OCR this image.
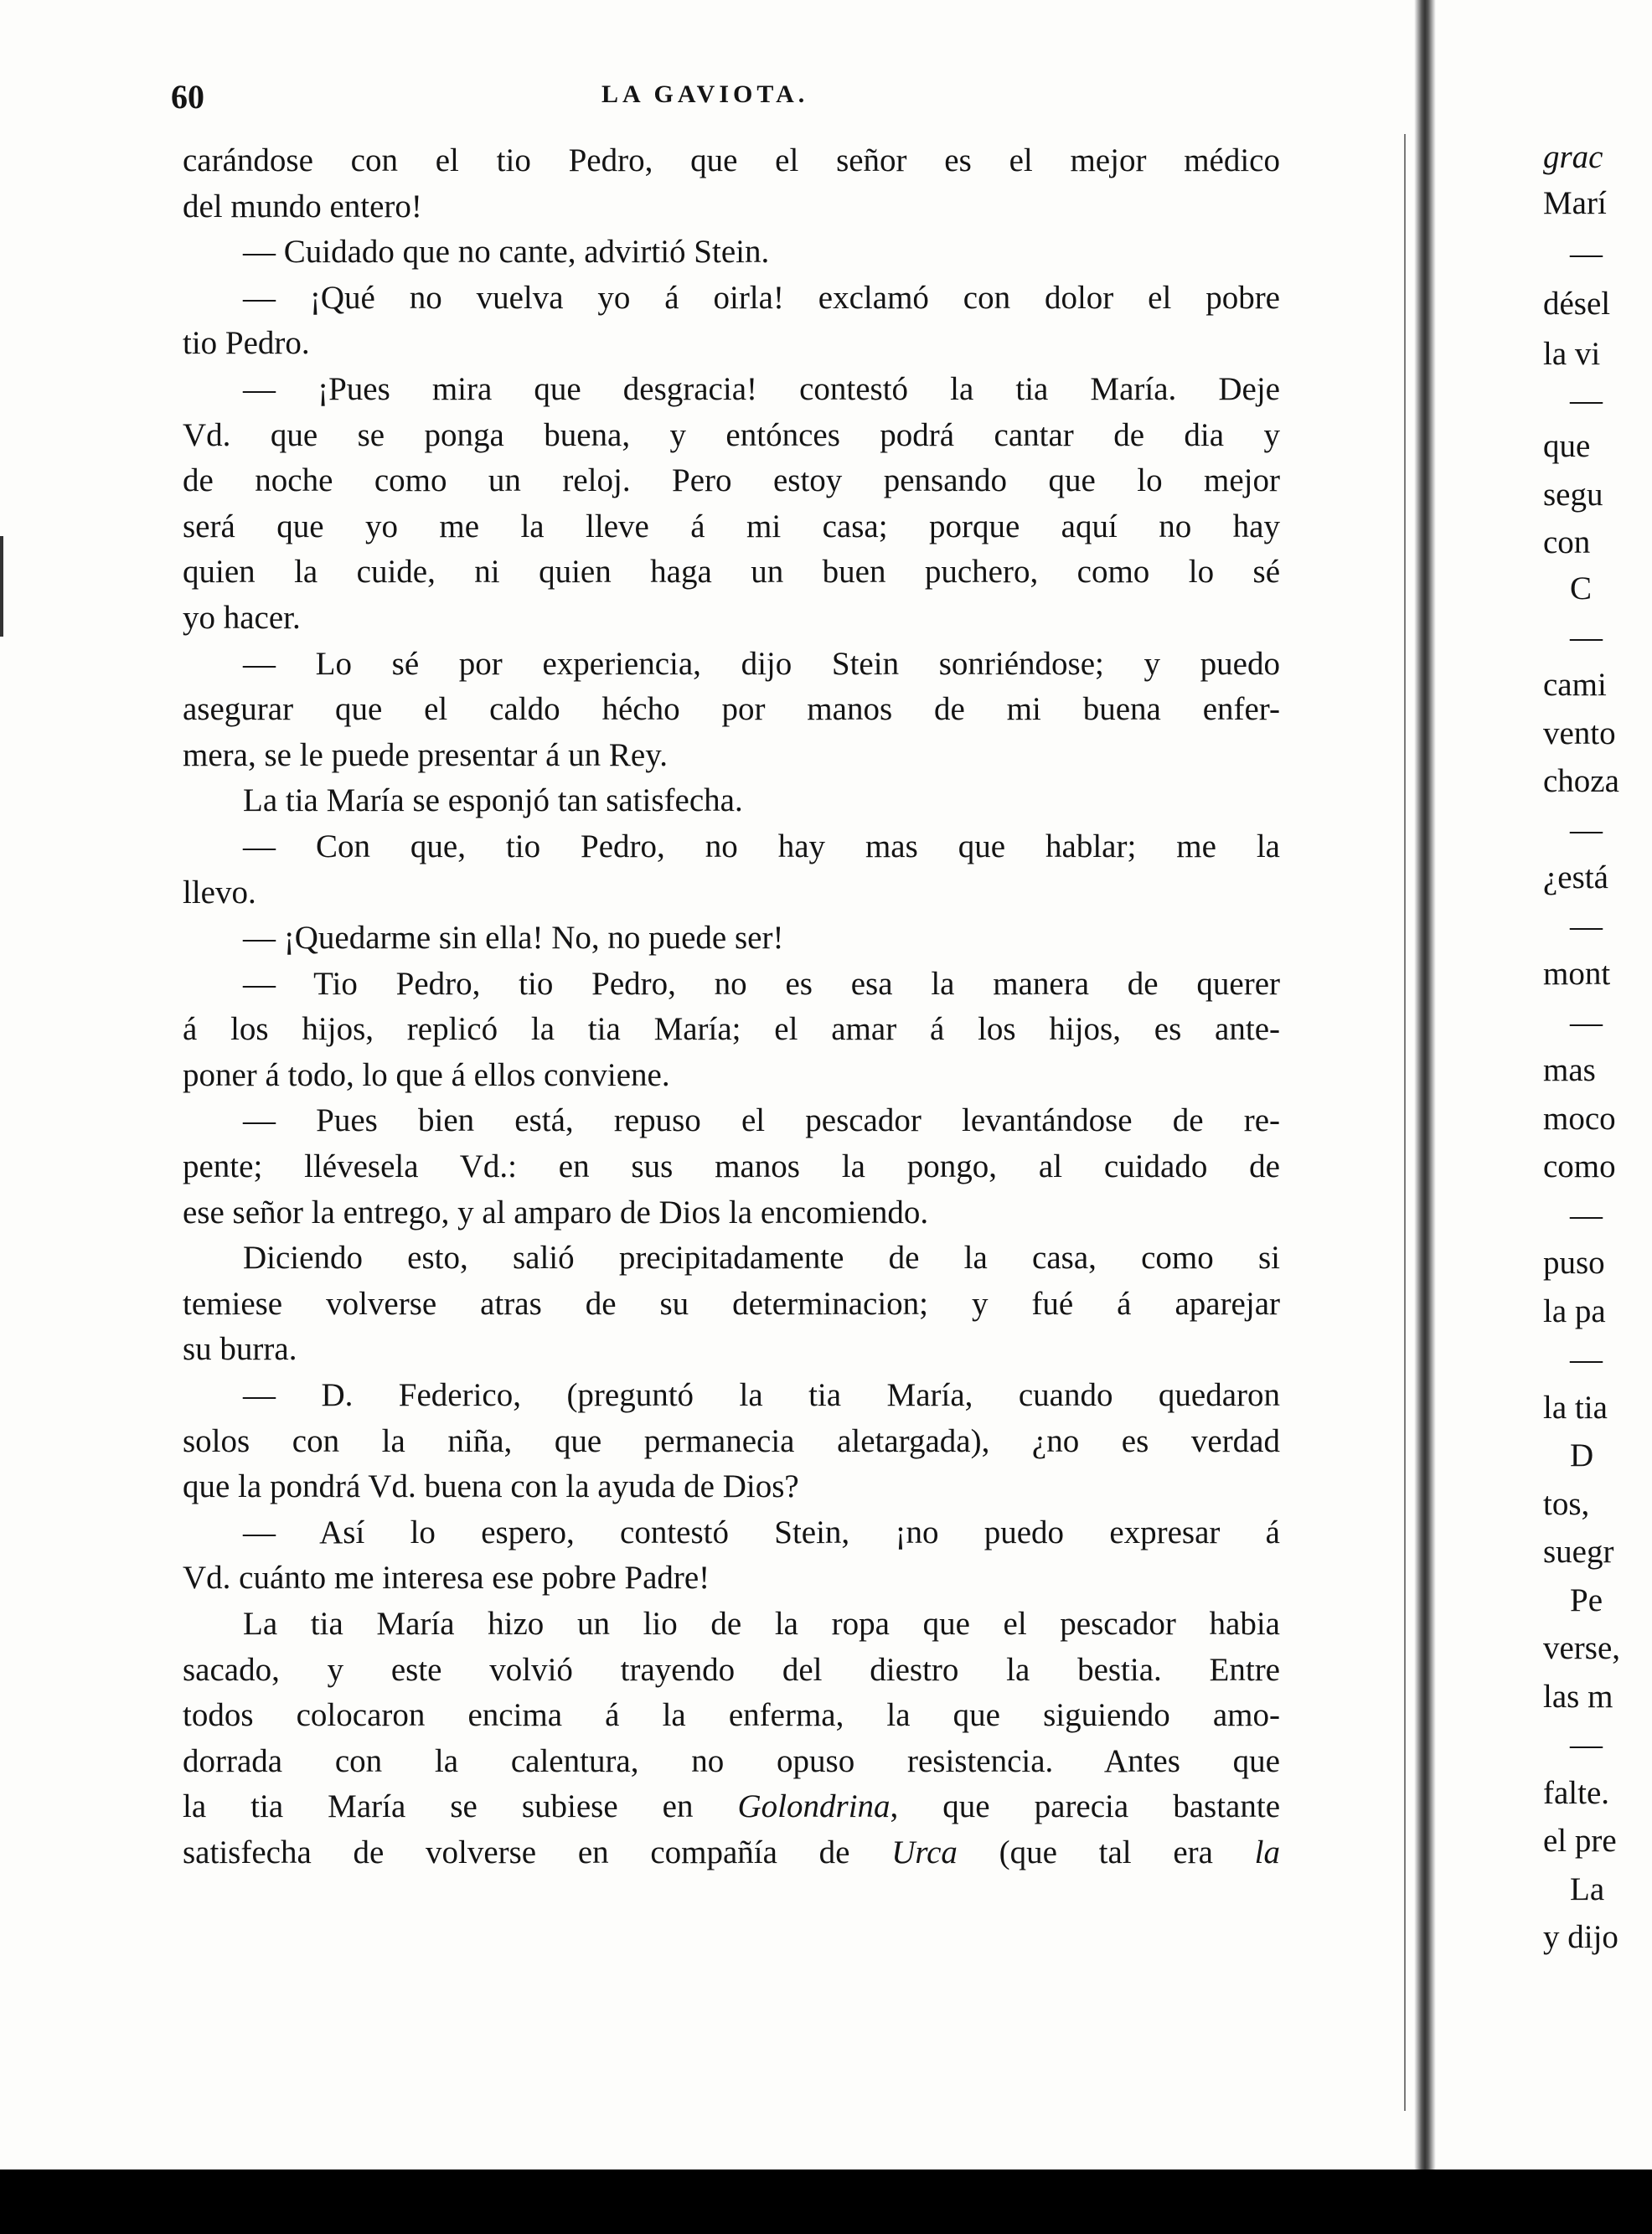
60	LA GAVIOTA.
carándose con el tio Pedro, que el señor es el mejor médico
del mundo entero!
— Cuidado que no cante, advirtió Stein.
— ¡Qué no vuelva yo á oirla! exclamó con dolor el pobre
tio Pedro.
— ¡Pues mira que desgracia! contestó la tia María. Deje
Vd. que se ponga buena, y entónces podrá cantar de dia y
de noche como un reloj. Pero estoy pensando que lo mejor
será que yo me la lleve á mi casa; porque aquí no hay
quien la cuide, ni quien haga un buen puchero, como lo sé
yo hacer.
— Lo sé por experiencia, dijo Stein sonriéndose; y puedo
asegurar que el caldo hécho por manos de mi buena enfer-
mera, se le puede presentar á un Rey.
La tia María se esponjó tan satisfecha.
— Con que, tio Pedro, no hay mas que hablar; me la
llevo.
— ¡Quedarme sin ella! No, no puede ser!
— Tio Pedro, tio Pedro, no es esa la manera de querer
á los hijos, replicó la tia María; el amar á los hijos, es ante-
poner á todo, lo que á ellos conviene.
— Pues bien está, repuso el pescador levantándose de re-
pente; llévesela Vd.: en sus manos la pongo, al cuidado de
ese señor la entrego, y al amparo de Dios la encomiendo.
Diciendo esto, salió precipitadamente de la casa, como si
temiese volverse atras de su determinacion; y fué á aparejar
su burra.
— D. Federico, (preguntó la tia María, cuando quedaron
solos con la niña, que permanecia aletargada), ¿no es verdad
que la pondrá Vd. buena con la ayuda de Dios?
— Así lo espero, contestó Stein, ¡no puedo expresar á
Vd. cuánto me interesa ese pobre Padre!
La tia María hizo un lio de la ropa que el pescador habia
sacado, y este volvió trayendo del diestro la bestia. Entre
todos colocaron encima á la enferma, la que siguiendo amo-
dorrada con la calentura, no opuso resistencia. Antes que
la tia María se subiese en Golondrina, que parecia bastante
satisfecha de volverse en compañía de Urca (que tal era la
grac
Marí
—
désel
la vi
—
que
segu
con
C
—
cami
vento
choza
—
¿está
—
mont
—
mas
moco
como
—
puso
la pa
—
la tia
D
tos,
suegr
Pe
verse,
las m
—
falte.
el pre
La
y dijo
